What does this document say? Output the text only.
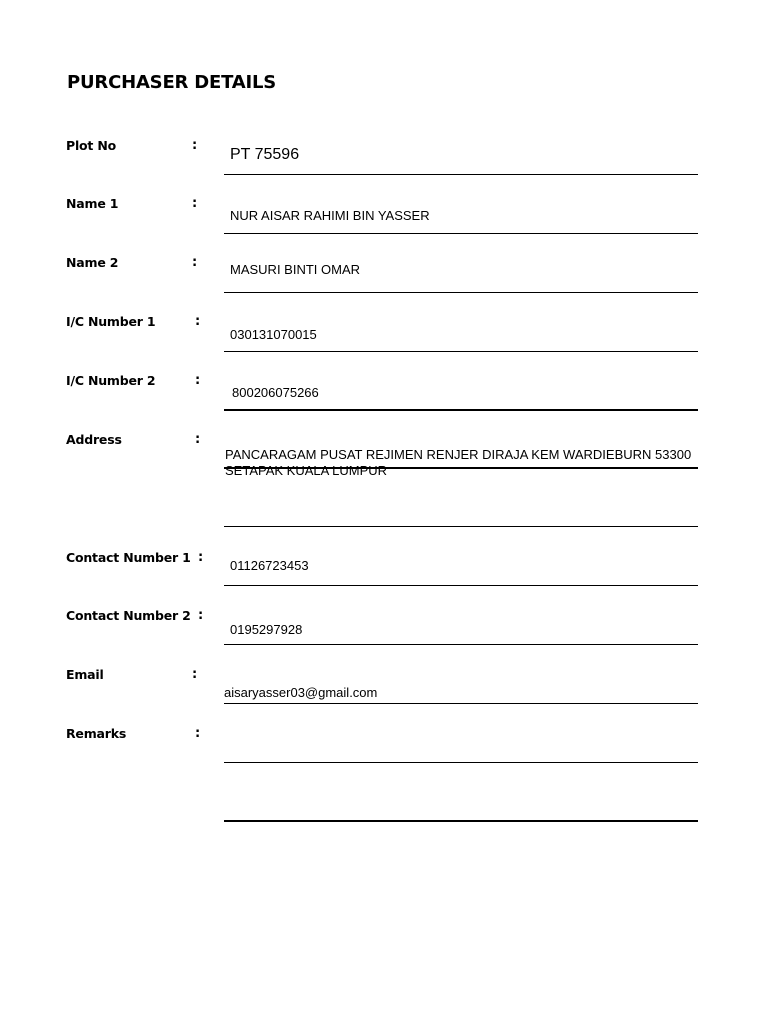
PURCHASER DETAILS
Plot No	:
PT 75596
Name 1	:
NUR AISAR RAHIMI BIN YASSER
Name 2	:	MASURI BINTI OMAR
I/C Number 1	:
030131070015
I/C Number 2	:
800206075266
Address	:
PANCARAGAM PUSAT REJIMEN RENJER DIRAJA KEM WARDIEBURN 53300 SETAPAK KUALA LUMPUR
Contact Number 1 :
01126723453
Contact Number 2 :
0195297928
Email	:
aisaryasser03@gmail.com
Remarks	:
